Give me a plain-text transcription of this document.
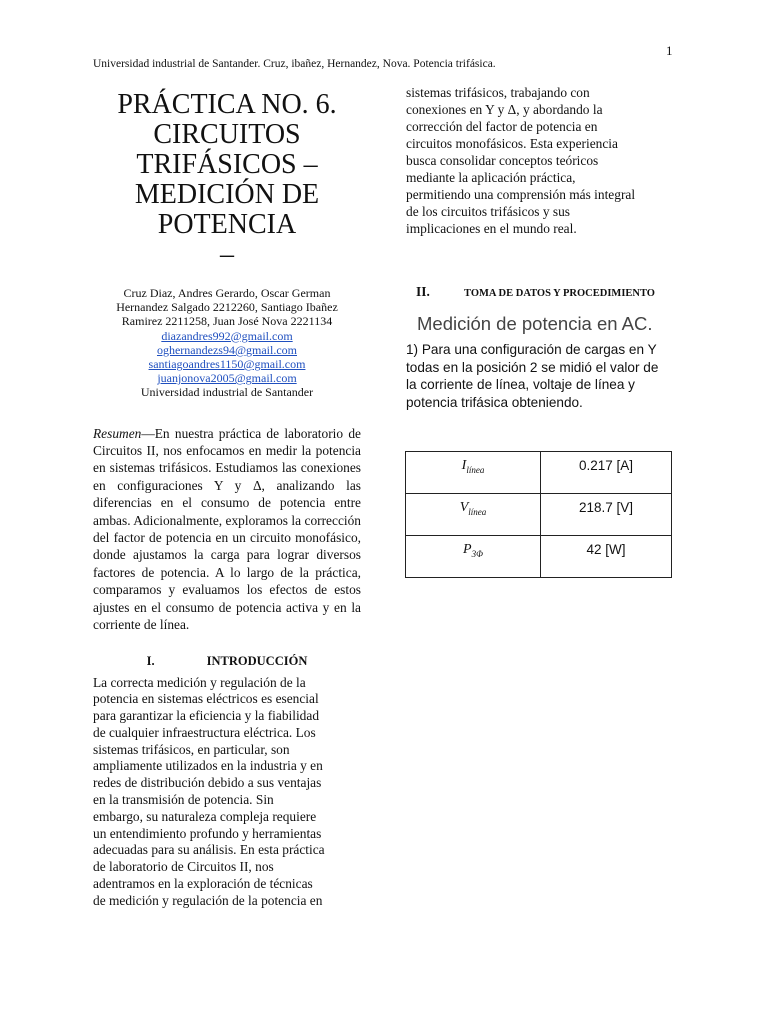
1
Universidad industrial de Santander. Cruz, ibañez, Hernandez, Nova. Potencia trifásica.
PRÁCTICA NO. 6.
CIRCUITOS
TRIFÁSICOS –
MEDICIÓN DE
POTENCIA
–
Cruz Diaz, Andres Gerardo, Oscar German
Hernandez Salgado 2212260, Santiago Ibañez
Ramirez 2211258, Juan José Nova 2221134
diazandres992@gmail.com
oghernandezs94@gmail.com
santiagoandres1150@gmail.com
juanjonova2005@gmail.com
Universidad industrial de Santander

Resumen—En nuestra práctica de laboratorio de Circuitos II, nos enfocamos en medir la potencia en sistemas trifásicos. Estudiamos las conexiones en configuraciones Y y Δ, analizando las diferencias en el consumo de potencia entre ambas. Adicionalmente, exploramos la corrección del factor de potencia en un circuito monofásico, donde ajustamos la carga para lograr diversos factores de potencia. A lo largo de la práctica, comparamos y evaluamos los efectos de estos ajustes en el consumo de potencia activa y en la corriente de línea.

I.	INTRODUCCIÓN
La correcta medición y regulación de la
potencia en sistemas eléctricos es esencial
para garantizar la eficiencia y la fiabilidad
de cualquier infraestructura eléctrica. Los
sistemas trifásicos, en particular, son
ampliamente utilizados en la industria y en
redes de distribución debido a sus ventajas
en la transmisión de potencia. Sin
embargo, su naturaleza compleja requiere
un entendimiento profundo y herramientas
adecuadas para su análisis. En esta práctica
de laboratorio de Circuitos II, nos
adentramos en la exploración de técnicas
de medición y regulación de la potencia en
sistemas trifásicos, trabajando con
conexiones en Y y Δ, y abordando la
corrección del factor de potencia en
circuitos monofásicos. Esta experiencia
busca consolidar conceptos teóricos
mediante la aplicación práctica,
permitiendo una comprensión más integral
de los circuitos trifásicos y sus
implicaciones en el mundo real.
II.	TOMA DE DATOS Y PROCEDIMIENTO
Medición de potencia en AC.
1) Para una configuración de cargas en Y
todas en la posición 2 se midió el valor de
la corriente de línea, voltaje de línea y
potencia trifásica obteniendo.
$I_{línea}$	0.217 [A]
$V_{línea}$	218.7 [V]
$P_{3\Phi}$	42 [W]
